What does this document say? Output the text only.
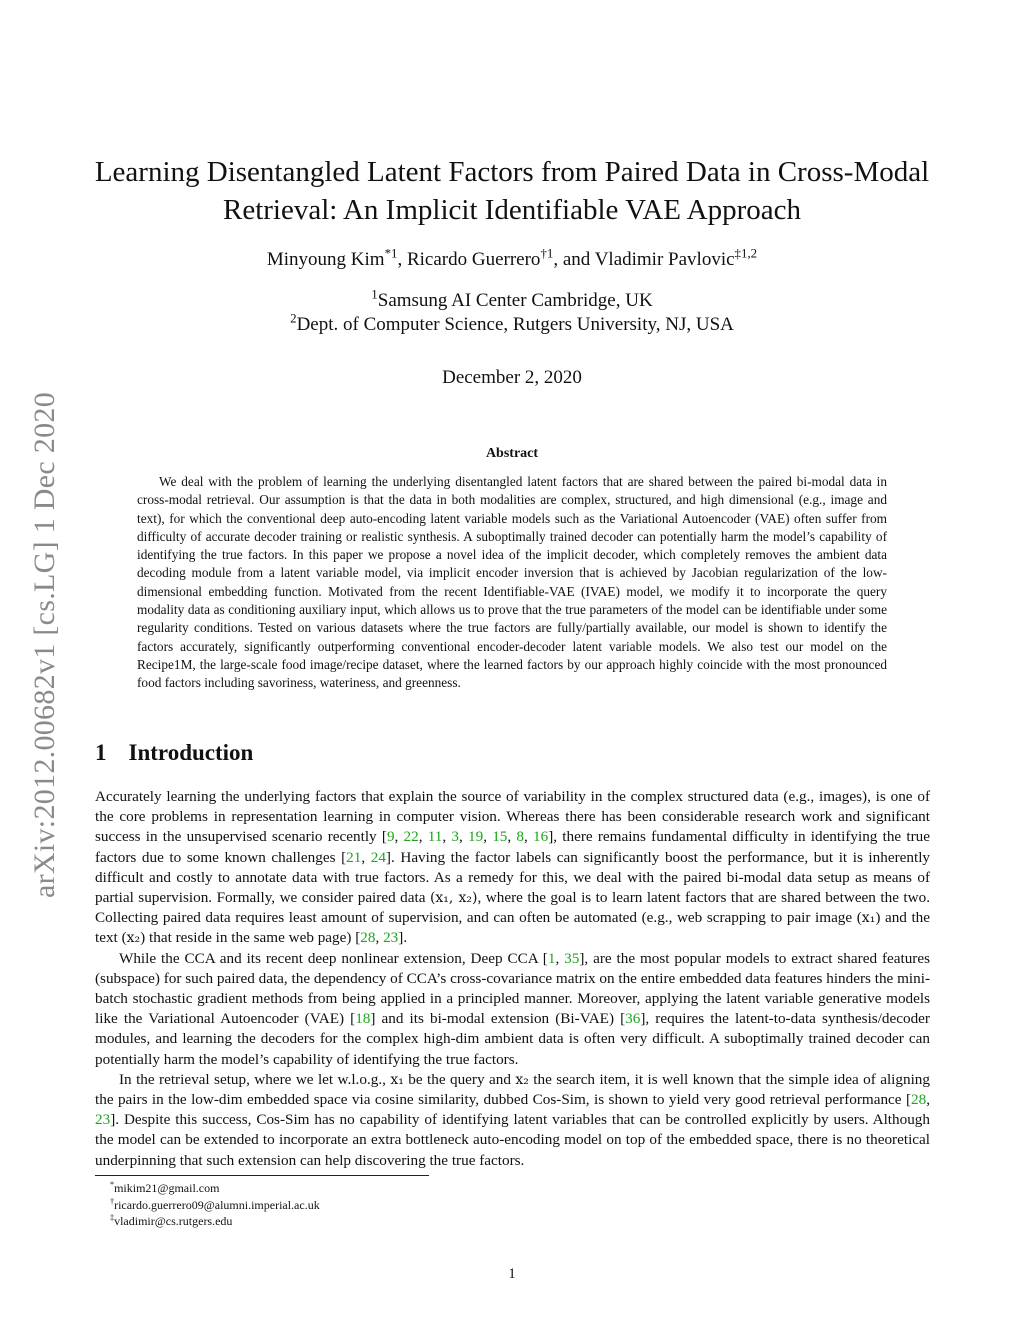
arXiv:2012.00682v1 [cs.LG] 1 Dec 2020
Learning Disentangled Latent Factors from Paired Data in Cross-Modal Retrieval: An Implicit Identifiable VAE Approach
Minyoung Kim$^{*1}$, Ricardo Guerrero$^{\dagger 1}$, and Vladimir Pavlovic$^{\ddagger 1,2}$
$^1$Samsung AI Center Cambridge, UK
$^2$Dept. of Computer Science, Rutgers University, NJ, USA
December 2, 2020
Abstract

We deal with the problem of learning the underlying disentangled latent factors that are shared between the paired bi-modal data in cross-modal retrieval. Our assumption is that the data in both modalities are complex, structured, and high dimensional (e.g., image and text), for which the conventional deep auto-encoding latent variable models such as the Variational Autoencoder (VAE) often suffer from difficulty of accurate decoder training or realistic synthesis. A suboptimally trained decoder can potentially harm the model’s capability of identifying the true factors. In this paper we propose a novel idea of the implicit decoder, which completely removes the ambient data decoding module from a latent variable model, via implicit encoder inversion that is achieved by Jacobian regularization of the low-dimensional embedding function. Motivated from the recent Identifiable-VAE (IVAE) model, we modify it to incorporate the query modality data as conditioning auxiliary input, which allows us to prove that the true parameters of the model can be identifiable under some regularity conditions. Tested on various datasets where the true factors are fully/partially available, our model is shown to identify the factors accurately, significantly outperforming conventional encoder-decoder latent variable models. We also test our model on the Recipe1M, the large-scale food image/recipe dataset, where the learned factors by our approach highly coincide with the most pronounced food factors including savoriness, wateriness, and greenness.

1 Introduction

Accurately learning the underlying factors that explain the source of variability in the complex structured data (e.g., images), is one of the core problems in representation learning in computer vision. Whereas there has been considerable research work and significant success in the unsupervised scenario recently [9, 22, 11, 3, 19, 15, 8, 16], there remains fundamental difficulty in identifying the true factors due to some known challenges [21, 24]. Having the factor labels can significantly boost the performance, but it is inherently difficult and costly to annotate data with true factors. As a remedy for this, we deal with the paired bi-modal data setup as means of partial supervision. Formally, we consider paired data (x₁, x₂), where the goal is to learn latent factors that are shared between the two. Collecting paired data requires least amount of supervision, and can often be automated (e.g., web scrapping to pair image (x₁) and the text (x₂) that reside in the same web page) [28, 23].

While the CCA and its recent deep nonlinear extension, Deep CCA [1, 35], are the most popular models to extract shared features (subspace) for such paired data, the dependency of CCA’s cross-covariance matrix on the entire embedded data features hinders the mini-batch stochastic gradient methods from being applied in a principled manner. Moreover, applying the latent variable generative models like the Variational Autoencoder (VAE) [18] and its bi-modal extension (Bi-VAE) [36], requires the latent-to-data synthesis/decoder modules, and learning the decoders for the complex high-dim ambient data is often very difficult. A suboptimally trained decoder can potentially harm the model’s capability of identifying the true factors.

In the retrieval setup, where we let w.l.o.g., x₁ be the query and x₂ the search item, it is well known that the simple idea of aligning the pairs in the low-dim embedded space via cosine similarity, dubbed Cos-Sim, is shown to yield very good retrieval performance [28, 23]. Despite this success, Cos-Sim has no capability of identifying latent variables that can be controlled explicitly by users. Although the model can be extended to incorporate an extra bottleneck auto-encoding model on top of the embedded space, there is no theoretical underpinning that such extension can help discovering the true factors.

*mikim21@gmail.com
†ricardo.guerrero09@alumni.imperial.ac.uk
‡vladimir@cs.rutgers.edu
1
